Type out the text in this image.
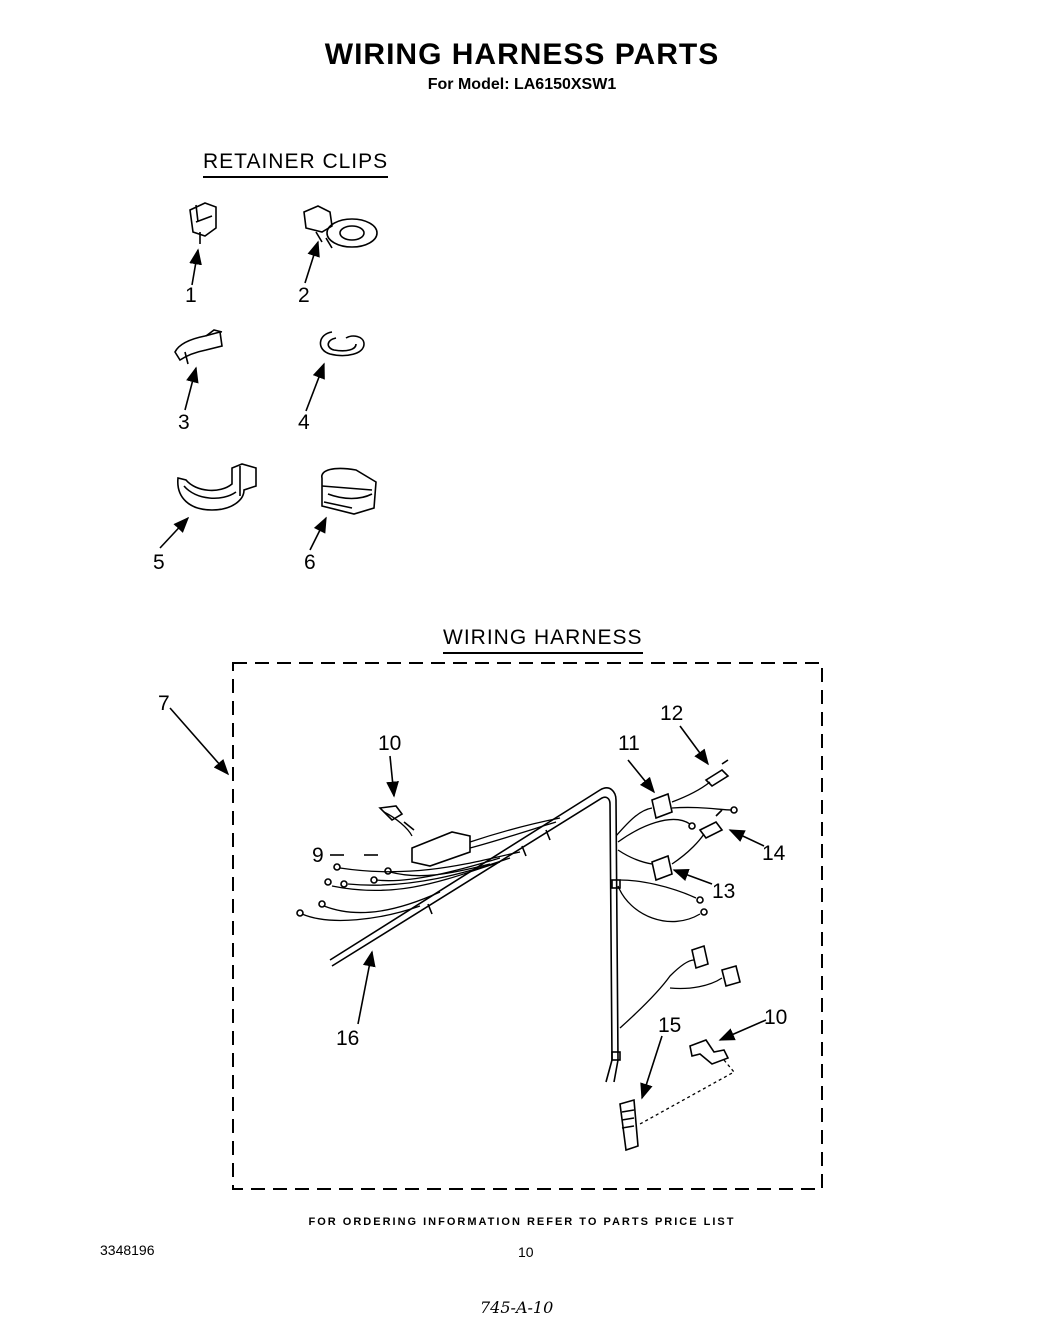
WIRING HARNESS PARTS
For Model: LA6150XSW1
RETAINER CLIPS
WIRING HARNESS
1	2
3	4
5	6
7
9
10	11
12
14
13
10
15
16
FOR ORDERING INFORMATION REFER TO PARTS PRICE LIST
3348196	10
745-A-10
